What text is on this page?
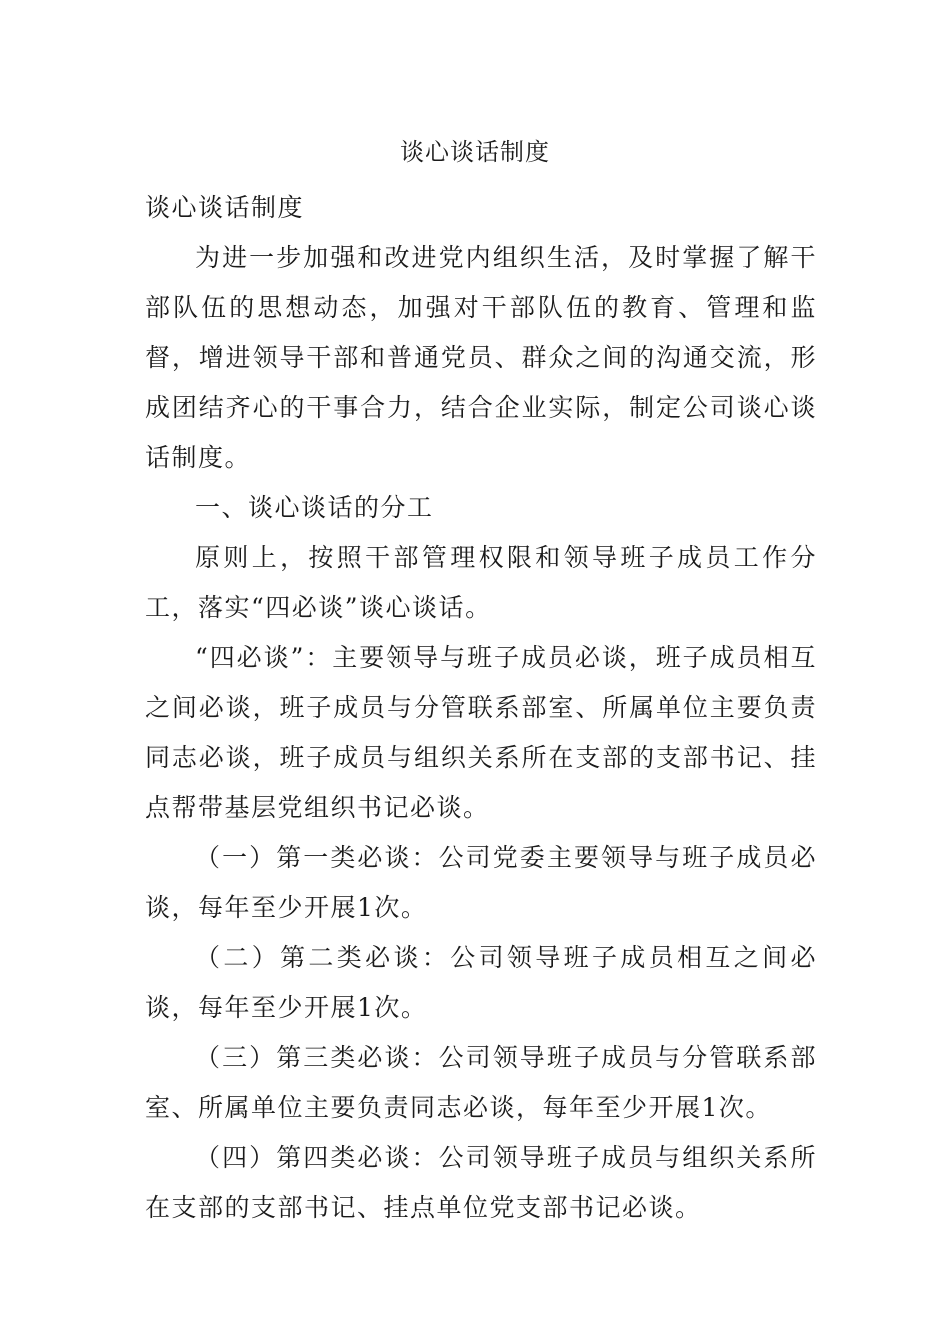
谈心谈话制度

谈心谈话制度

为进一步加强和改进党内组织生活，及时掌握了解干部队伍的思想动态，加强对干部队伍的教育、管理和监督，增进领导干部和普通党员、群众之间的沟通交流，形成团结齐心的干事合力，结合企业实际，制定公司谈心谈话制度。

一、谈心谈话的分工

原则上，按照干部管理权限和领导班子成员工作分工，落实“四必谈”谈心谈话。

“四必谈”：主要领导与班子成员必谈，班子成员相互之间必谈，班子成员与分管联系部室、所属单位主要负责同志必谈，班子成员与组织关系所在支部的支部书记、挂点帮带基层党组织书记必谈。

（一）第一类必谈：公司党委主要领导与班子成员必谈，每年至少开展1次。

（二）第二类必谈：公司领导班子成员相互之间必谈，每年至少开展1次。

（三）第三类必谈：公司领导班子成员与分管联系部室、所属单位主要负责同志必谈，每年至少开展1次。

（四）第四类必谈：公司领导班子成员与组织关系所在支部的支部书记、挂点单位党支部书记必谈。
